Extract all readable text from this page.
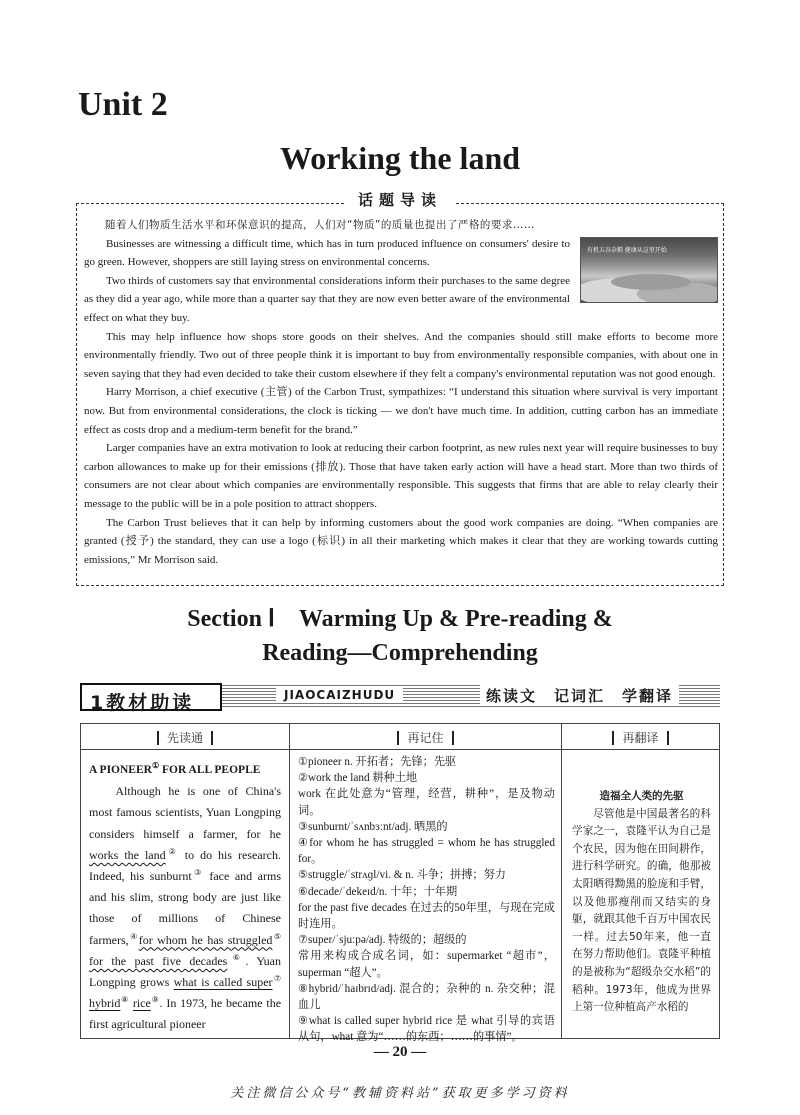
Unit 2
Working the land
话题导读

随着人们物质生活水平和环保意识的提高，人们对“物质”的质量也提出了严格的要求……

有机五谷杂粮 健康从这里开始

Businesses are witnessing a difficult time, which has in turn produced influence on consumers' desire to go green. However, shoppers are still laying stress on environmental concerns.

Two thirds of customers say that environmental considerations inform their purchases to the same degree as they did a year ago, while more than a quarter say that they are now even better aware of the environmental effect on what they buy.

This may help influence how shops store goods on their shelves. And the companies should still make efforts to become more environmentally friendly. Two out of three people think it is important to buy from environmentally responsible companies, with about one in seven saying that they had even decided to take their custom elsewhere if they felt a company's environmental reputation was not good enough.

Harry Morrison, a chief executive (主管) of the Carbon Trust, sympathizes: “I understand this situation where survival is very important now. But from environmental considerations, the clock is ticking — we don't have much time. In addition, cutting carbon has an immediate effect as costs drop and a medium-term benefit for the brand.”

Larger companies have an extra motivation to look at reducing their carbon footprint, as new rules next year will require businesses to buy carbon allowances to make up for their emissions (排放). Those that have taken early action will have a head start. More than two thirds of consumers are not clear about which companies are environmentally responsible. This suggests that firms that are able to relay clearly their message to the public will be in a pole position to attract shoppers.

The Carbon Trust believes that it can help by informing customers about the good work companies are doing. “When companies are granted (授予) the standard, they can use a logo (标识) in all their marketing which makes it clear that they are working towards cutting emissions,” Mr Morrison said.

Section Ⅰ　Warming Up & Pre-reading &
Reading—Comprehending
1教材助读	JIAOCAIZHUDU	练读文　记词汇　学翻译
先读通
A PIONEER① FOR ALL PEOPLE

Although he is one of China's most famous scientists, Yuan Longping considers himself a farmer, for he works the land② to do his research. Indeed, his sunburnt③ face and arms and his slim, strong body are just like those of millions of Chinese farmers,④for whom he has struggled⑤ for the past five decades⑥. Yuan Longping grows what is called super⑦ hybrid⑧ rice⑨. In 1973, he became the first agricultural pioneer

再记住

①pioneer n. 开拓者；先锋；先驱

②work the land 耕种土地

work 在此处意为“管理，经营，耕种”，是及物动词。

③sunburnt/ˈsʌnbɜːnt/adj. 晒黑的

④for whom he has struggled = whom he has struggled for。

⑤struggle/ˈstrʌɡl/vi. & n. 斗争；拼搏；努力

⑥decade/ˈdekeɪd/n. 十年；十年期

for the past five decades 在过去的50年里，与现在完成时连用。

⑦super/ˈsjuːpə/adj. 特级的；超级的

常用来构成合成名词，如：supermarket “超市”，superman “超人”。

⑧hybrid/ˈhaɪbrɪd/adj. 混合的；杂种的 n. 杂交种；混血儿

⑨what is called super hybrid rice 是 what 引导的宾语从句，what 意为“……的东西；……的事情”。

再翻译
造福全人类的先驱

尽管他是中国最著名的科学家之一，袁隆平认为自己是个农民，因为他在田间耕作，进行科学研究。的确，他那被太阳晒得黝黑的脸庞和手臂，以及他那瘦削而又结实的身躯，就跟其他千百万中国农民一样。过去50年来，他一直在努力帮助他们。袁隆平种植的是被称为“超级杂交水稻”的稻种。1973年，他成为世界上第一位种植高产水稻的

— 20 —
关注微信公众号“教辅资料站”获取更多学习资料
